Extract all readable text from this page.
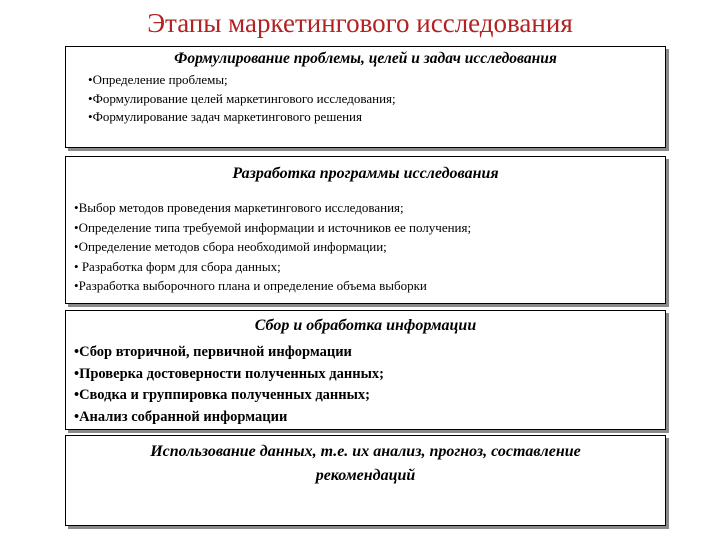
Этапы маркетингового исследования
Формулирование проблемы, целей и задач исследования
• Определение проблемы;
• Формулирование целей маркетингового исследования;
• Формулирование задач маркетингового решения
Разработка программы исследования
• Выбор методов проведения маркетингового исследования;
• Определение типа требуемой информации и источников ее получения;
• Определение методов сбора необходимой информации;
• Разработка форм для сбора данных;
• Разработка выборочного плана и определение объема выборки
Сбор и обработка информации
• Сбор вторичной, первичной информации
• Проверка достоверности полученных данных;
• Сводка и группировка полученных данных;
• Анализ собранной информации
Использование данных, т.е. их анализ, прогноз, составление
рекомендаций
